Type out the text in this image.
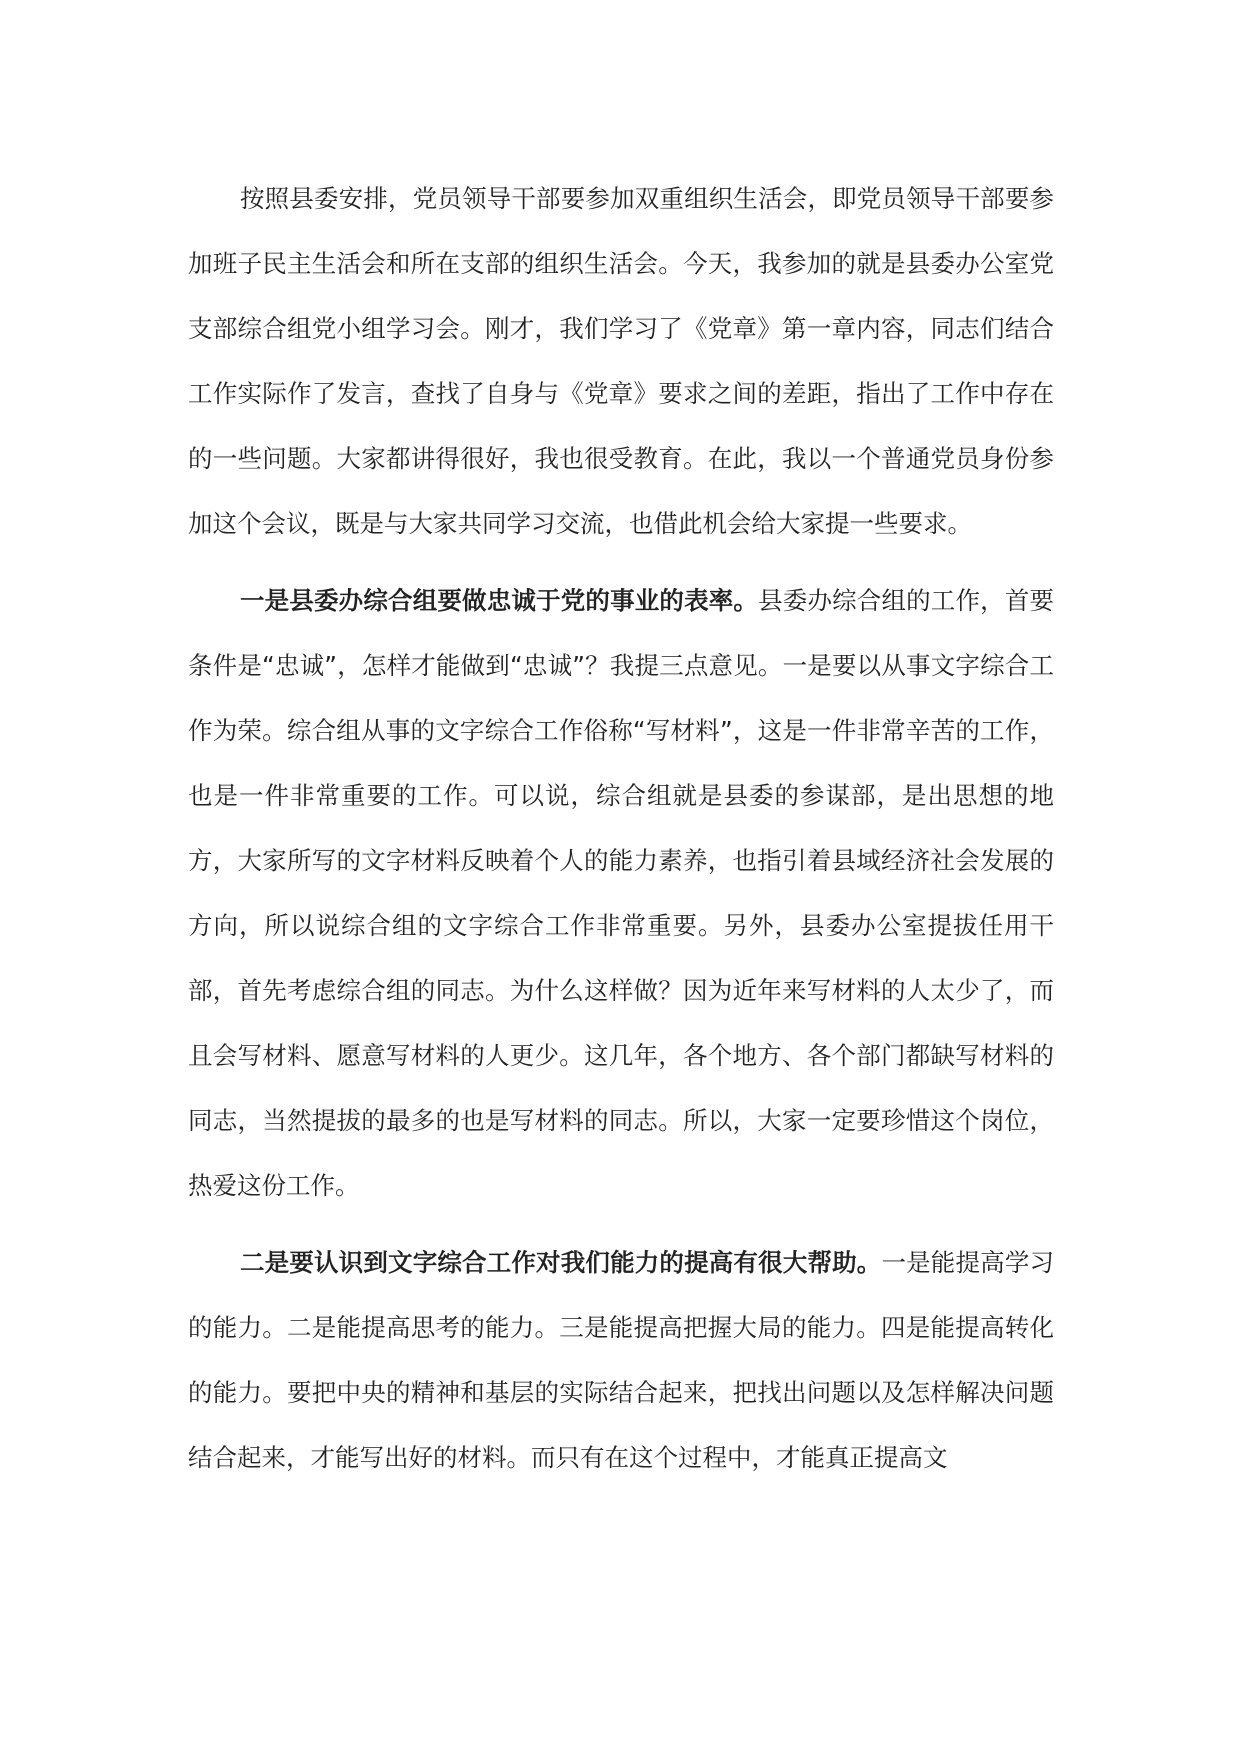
按照县委安排，党员领导干部要参加双重组织生活会，即党员领导干部要参加班子民主生活会和所在支部的组织生活会。今天，我参加的就是县委办公室党支部综合组党小组学习会。刚才，我们学习了《党章》第一章内容，同志们结合工作实际作了发言，查找了自身与《党章》要求之间的差距，指出了工作中存在的一些问题。大家都讲得很好，我也很受教育。在此，我以一个普通党员身份参加这个会议，既是与大家共同学习交流，也借此机会给大家提一些要求。

一是县委办综合组要做忠诚于党的事业的表率。县委办综合组的工作，首要条件是“忠诚”，怎样才能做到“忠诚”？我提三点意见。一是要以从事文字综合工作为荣。综合组从事的文字综合工作俗称“写材料”，这是一件非常辛苦的工作，也是一件非常重要的工作。可以说，综合组就是县委的参谋部，是出思想的地方，大家所写的文字材料反映着个人的能力素养，也指引着县域经济社会发展的方向，所以说综合组的文字综合工作非常重要。另外，县委办公室提拔任用干部，首先考虑综合组的同志。为什么这样做？因为近年来写材料的人太少了，而且会写材料、愿意写材料的人更少。这几年，各个地方、各个部门都缺写材料的同志，当然提拔的最多的也是写材料的同志。所以，大家一定要珍惜这个岗位，热爱这份工作。

二是要认识到文字综合工作对我们能力的提高有很大帮助。一是能提高学习的能力。二是能提高思考的能力。三是能提高把握大局的能力。四是能提高转化的能力。要把中央的精神和基层的实际结合起来，把找出问题以及怎样解决问题结合起来，才能写出好的材料。而只有在这个过程中，才能真正提高文
